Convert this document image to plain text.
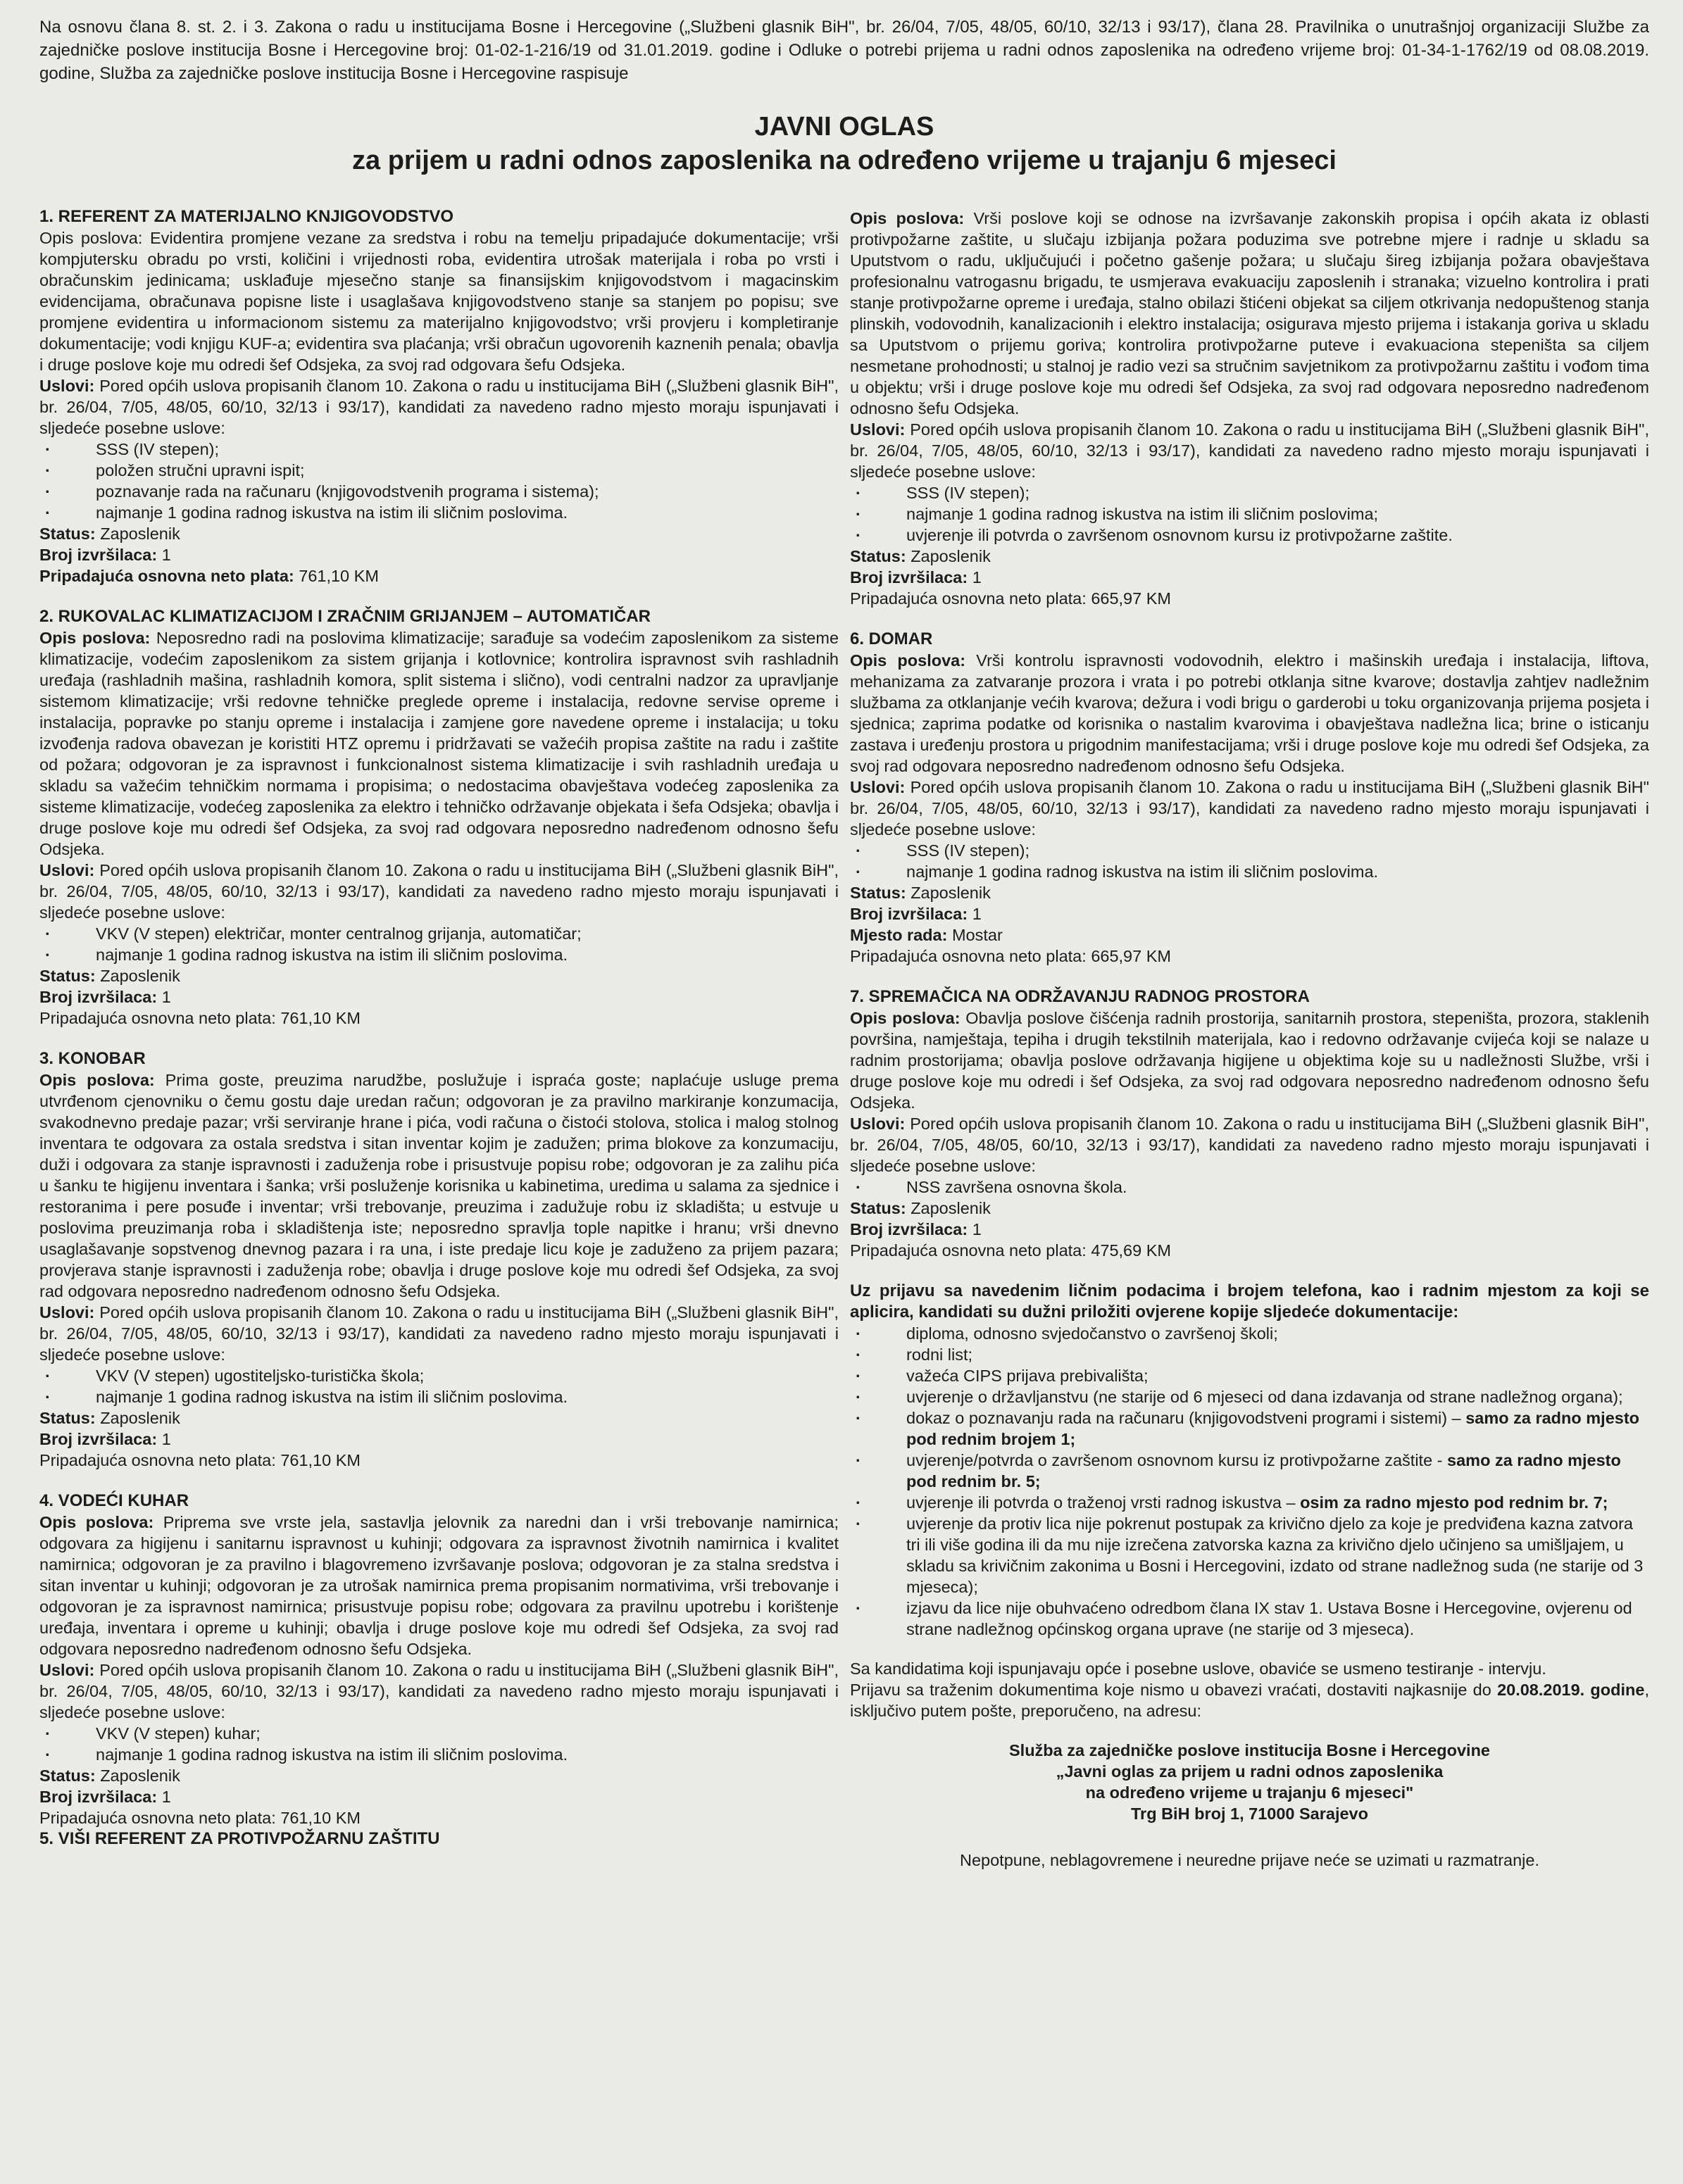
Na osnovu člana 8. st. 2. i 3. Zakona o radu u institucijama Bosne i Hercegovine („Službeni glasnik BiH", br. 26/04, 7/05, 48/05, 60/10, 32/13 i 93/17), člana 28. Pravilnika o unutrašnjoj organizaciji Službe za zajedničke poslove institucija Bosne i Hercegovine broj: 01-02-1-216/19 od 31.01.2019. godine i Odluke o potrebi prijema u radni odnos zaposlenika na određeno vrijeme broj: 01-34-1-1762/19 od 08.08.2019. godine, Služba za zajedničke poslove institucija Bosne i Hercegovine raspisuje

JAVNI OGLAS
za prijem u radni odnos zaposlenika na određeno vrijeme u trajanju 6 mjeseci

1. REFERENT ZA MATERIJALNO KNJIGOVODSTVO

Opis poslova: Evidentira promjene vezane za sredstva i robu na temelju pripadajuće dokumentacije; vrši kompjutersku obradu po vrsti, količini i vrijednosti roba, evidentira utrošak materijala i roba po vrsti i obračunskim jedinicama; usklađuje mjesečno stanje sa finansijskim knjigovodstvom i magacinskim evidencijama, obračunava popisne liste i usaglašava knjigovodstveno stanje sa stanjem po popisu; sve promjene evidentira u informacionom sistemu za materijalno knjigovodstvo; vrši provjeru i kompletiranje dokumentacije; vodi knjigu KUF-a; evidentira sva plaćanja; vrši obračun ugovorenih kaznenih penala; obavlja i druge poslove koje mu odredi šef Odsjeka, za svoj rad odgovara šefu Odsjeka.

Uslovi: Pored općih uslova propisanih članom 10. Zakona o radu u institucijama BiH („Službeni glasnik BiH", br. 26/04, 7/05, 48/05, 60/10, 32/13 i 93/17), kandidati za navedeno radno mjesto moraju ispunjavati i sljedeće posebne uslove:

· SSS (IV stepen);
· položen stručni upravni ispit;
· poznavanje rada na računaru (knjigovodstvenih programa i sistema);
· najmanje 1 godina radnog iskustva na istim ili sličnim poslovima.

Status: Zaposlenik

Broj izvršilaca: 1

Pripadajuća osnovna neto plata: 761,10 KM

2. RUKOVALAC KLIMATIZACIJOM I ZRAČNIM GRIJANJEM – AUTOMATIČAR

Opis poslova: Neposredno radi na poslovima klimatizacije; sarađuje sa vodećim zaposlenikom za sisteme klimatizacije, vodećim zaposlenikom za sistem grijanja i kotlovnice; kontrolira ispravnost svih rashladnih uređaja (rashladnih mašina, rashladnih komora, split sistema i slično), vodi centralni nadzor za upravljanje sistemom klimatizacije; vrši redovne tehničke preglede opreme i instalacija, redovne servise opreme i instalacija, popravke po stanju opreme i instalacija i zamjene gore navedene opreme i instalacija; u toku izvođenja radova obavezan je koristiti HTZ opremu i pridržavati se važećih propisa zaštite na radu i zaštite od požara; odgovoran je za ispravnost i funkcionalnost sistema klimatizacije i svih rashladnih uređaja u skladu sa važećim tehničkim normama i propisima; o nedostacima obavještava vodećeg zaposlenika za sisteme klimatizacije, vodećeg zaposlenika za elektro i tehničko održavanje objekata i šefa Odsjeka; obavlja i druge poslove koje mu odredi šef Odsjeka, za svoj rad odgovara neposredno nadređenom odnosno šefu Odsjeka.

Uslovi: Pored općih uslova propisanih članom 10. Zakona o radu u institucijama BiH („Službeni glasnik BiH", br. 26/04, 7/05, 48/05, 60/10, 32/13 i 93/17), kandidati za navedeno radno mjesto moraju ispunjavati i sljedeće posebne uslove:

· VKV (V stepen) električar, monter centralnog grijanja, automatičar;
· najmanje 1 godina radnog iskustva na istim ili sličnim poslovima.

Status: Zaposlenik

Broj izvršilaca: 1

Pripadajuća osnovna neto plata: 761,10 KM

3. KONOBAR

Opis poslova: Prima goste, preuzima narudžbe, poslužuje i ispraća goste; naplaćuje usluge prema utvrđenom cjenovniku o čemu gostu daje uredan račun; odgovoran je za pravilno markiranje konzumacija, svakodnevno predaje pazar; vrši serviranje hrane i pića, vodi računa o čistoći stolova, stolica i malog stolnog inventara te odgovara za ostala sredstva i sitan inventar kojim je zadužen; prima blokove za konzumaciju, duži i odgovara za stanje ispravnosti i zaduženja robe i prisustvuje popisu robe; odgovoran je za zalihu pića u šanku te higijenu inventara i šanka; vrši posluženje korisnika u kabinetima, uredima u salama za sjednice i restoranima i pere posuđe i inventar; vrši trebovanje, preuzima i zadužuje robu iz skladišta; u estvuje u poslovima preuzimanja roba i skladištenja iste; neposredno spravlja tople napitke i hranu; vrši dnevno usaglašavanje sopstvenog dnevnog pazara i ra una, i iste predaje licu koje je zaduženo za prijem pazara; provjerava stanje ispravnosti i zaduženja robe; obavlja i druge poslove koje mu odredi šef Odsjeka, za svoj rad odgovara neposredno nadređenom odnosno šefu Odsjeka.

Uslovi: Pored općih uslova propisanih članom 10. Zakona o radu u institucijama BiH („Službeni glasnik BiH", br. 26/04, 7/05, 48/05, 60/10, 32/13 i 93/17), kandidati za navedeno radno mjesto moraju ispunjavati i sljedeće posebne uslove:

· VKV (V stepen) ugostiteljsko-turistička škola;
· najmanje 1 godina radnog iskustva na istim ili sličnim poslovima.

Status: Zaposlenik

Broj izvršilaca: 1

Pripadajuća osnovna neto plata: 761,10 KM

4. VODEĆI KUHAR

Opis poslova: Priprema sve vrste jela, sastavlja jelovnik za naredni dan i vrši trebovanje namirnica; odgovara za higijenu i sanitarnu ispravnost u kuhinji; odgovara za ispravnost životnih namirnica i kvalitet namirnica; odgovoran je za pravilno i blagovremeno izvršavanje poslova; odgovoran je za stalna sredstva i sitan inventar u kuhinji; odgovoran je za utrošak namirnica prema propisanim normativima, vrši trebovanje i odgovoran je za ispravnost namirnica; prisustvuje popisu robe; odgovara za pravilnu upotrebu i korištenje uređaja, inventara i opreme u kuhinji; obavlja i druge poslove koje mu odredi šef Odsjeka, za svoj rad odgovara neposredno nadređenom odnosno šefu Odsjeka.

Uslovi: Pored općih uslova propisanih članom 10. Zakona o radu u institucijama BiH („Službeni glasnik BiH", br. 26/04, 7/05, 48/05, 60/10, 32/13 i 93/17), kandidati za navedeno radno mjesto moraju ispunjavati i sljedeće posebne uslove:

· VKV (V stepen) kuhar;
· najmanje 1 godina radnog iskustva na istim ili sličnim poslovima.

Status: Zaposlenik

Broj izvršilaca: 1

Pripadajuća osnovna neto plata: 761,10 KM

5. VIŠI REFERENT ZA PROTIVPOŽARNU ZAŠTITU

Opis poslova: Vrši poslove koji se odnose na izvršavanje zakonskih propisa i općih akata iz oblasti protivpožarne zaštite, u slučaju izbijanja požara poduzima sve potrebne mjere i radnje u skladu sa Uputstvom o radu, uključujući i početno gašenje požara; u slučaju šireg izbijanja požara obavještava profesionalnu vatrogasnu brigadu, te usmjerava evakuaciju zaposlenih i stranaka; vizuelno kontrolira i prati stanje protivpožarne opreme i uređaja, stalno obilazi štićeni objekat sa ciljem otkrivanja nedopuštenog stanja plinskih, vodovodnih, kanalizacionih i elektro instalacija; osigurava mjesto prijema i istakanja goriva u skladu sa Uputstvom o prijemu goriva; kontrolira protivpožarne puteve i evakuaciona stepeništa sa ciljem nesmetane prohodnosti; u stalnoj je radio vezi sa stručnim savjetnikom za protivpožarnu zaštitu i vođom tima u objektu; vrši i druge poslove koje mu odredi šef Odsjeka, za svoj rad odgovara neposredno nadređenom odnosno šefu Odsjeka.

Uslovi: Pored općih uslova propisanih članom 10. Zakona o radu u institucijama BiH („Službeni glasnik BiH", br. 26/04, 7/05, 48/05, 60/10, 32/13 i 93/17), kandidati za navedeno radno mjesto moraju ispunjavati i sljedeće posebne uslove:

· SSS (IV stepen);
· najmanje 1 godina radnog iskustva na istim ili sličnim poslovima;
· uvjerenje ili potvrda o završenom osnovnom kursu iz protivpožarne zaštite.

Status: Zaposlenik

Broj izvršilaca: 1

Pripadajuća osnovna neto plata: 665,97 KM

6. DOMAR

Opis poslova: Vrši kontrolu ispravnosti vodovodnih, elektro i mašinskih uređaja i instalacija, liftova, mehanizama za zatvaranje prozora i vrata i po potrebi otklanja sitne kvarove; dostavlja zahtjev nadležnim službama za otklanjanje većih kvarova; dežura i vodi brigu o garderobi u toku organizovanja prijema posjeta i sjednica; zaprima podatke od korisnika o nastalim kvarovima i obavještava nadležna lica; brine o isticanju zastava i uređenju prostora u prigodnim manifestacijama; vrši i druge poslove koje mu odredi šef Odsjeka, za svoj rad odgovara neposredno nadređenom odnosno šefu Odsjeka.

Uslovi: Pored općih uslova propisanih članom 10. Zakona o radu u institucijama BiH („Službeni glasnik BiH" br. 26/04, 7/05, 48/05, 60/10, 32/13 i 93/17), kandidati za navedeno radno mjesto moraju ispunjavati i sljedeće posebne uslove:

· SSS (IV stepen);
· najmanje 1 godina radnog iskustva na istim ili sličnim poslovima.

Status: Zaposlenik

Broj izvršilaca: 1

Mjesto rada: Mostar

Pripadajuća osnovna neto plata: 665,97 KM

7. SPREMAČICA NA ODRŽAVANJU RADNOG PROSTORA

Opis poslova: Obavlja poslove čišćenja radnih prostorija, sanitarnih prostora, stepeništa, prozora, staklenih površina, namještaja, tepiha i drugih tekstilnih materijala, kao i redovno održavanje cvijeća koji se nalaze u radnim prostorijama; obavlja poslove održavanja higijene u objektima koje su u nadležnosti Službe, vrši i druge poslove koje mu odredi i šef Odsjeka, za svoj rad odgovara neposredno nadređenom odnosno šefu Odsjeka.

Uslovi: Pored općih uslova propisanih članom 10. Zakona o radu u institucijama BiH („Službeni glasnik BiH", br. 26/04, 7/05, 48/05, 60/10, 32/13 i 93/17), kandidati za navedeno radno mjesto moraju ispunjavati i sljedeće posebne uslove:

· NSS završena osnovna škola.

Status: Zaposlenik

Broj izvršilaca: 1

Pripadajuća osnovna neto plata: 475,69 KM

Uz prijavu sa navedenim ličnim podacima i brojem telefona, kao i radnim mjestom za koji se aplicira, kandidati su dužni priložiti ovjerene kopije sljedeće dokumentacije:

· diploma, odnosno svjedočanstvo o završenoj školi;
· rodni list;
· važeća CIPS prijava prebivališta;
· uvjerenje o državljanstvu (ne starije od 6 mjeseci od dana izdavanja od strane nadležnog organa);
· dokaz o poznavanju rada na računaru (knjigovodstveni programi i sistemi) – samo za radno mjesto pod rednim brojem 1;
· uvjerenje/potvrda o završenom osnovnom kursu iz protivpožarne zaštite - samo za radno mjesto pod rednim br. 5;
· uvjerenje ili potvrda o traženoj vrsti radnog iskustva – osim za radno mjesto pod rednim br. 7;
· uvjerenje da protiv lica nije pokrenut postupak za krivično djelo za koje je predviđena kazna zatvora tri ili više godina ili da mu nije izrečena zatvorska kazna za krivično djelo učinjeno sa umišljajem, u skladu sa krivičnim zakonima u Bosni i Hercegovini, izdato od strane nadležnog suda (ne starije od 3 mjeseca);
· izjavu da lice nije obuhvaćeno odredbom člana IX stav 1. Ustava Bosne i Hercegovine, ovjerenu od strane nadležnog općinskog organa uprave (ne starije od 3 mjeseca).

Sa kandidatima koji ispunjavaju opće i posebne uslove, obaviće se usmeno testiranje - intervju.

Prijavu sa traženim dokumentima koje nismo u obavezi vraćati, dostaviti najkasnije do 20.08.2019. godine, isključivo putem pošte, preporučeno, na adresu:

Služba za zajedničke poslove institucija Bosne i Hercegovine

„Javni oglas za prijem u radni odnos zaposlenika

na određeno vrijeme u trajanju 6 mjeseci"

Trg BiH broj 1, 71000 Sarajevo

Nepotpune, neblagovremene i neuredne prijave neće se uzimati u razmatranje.
